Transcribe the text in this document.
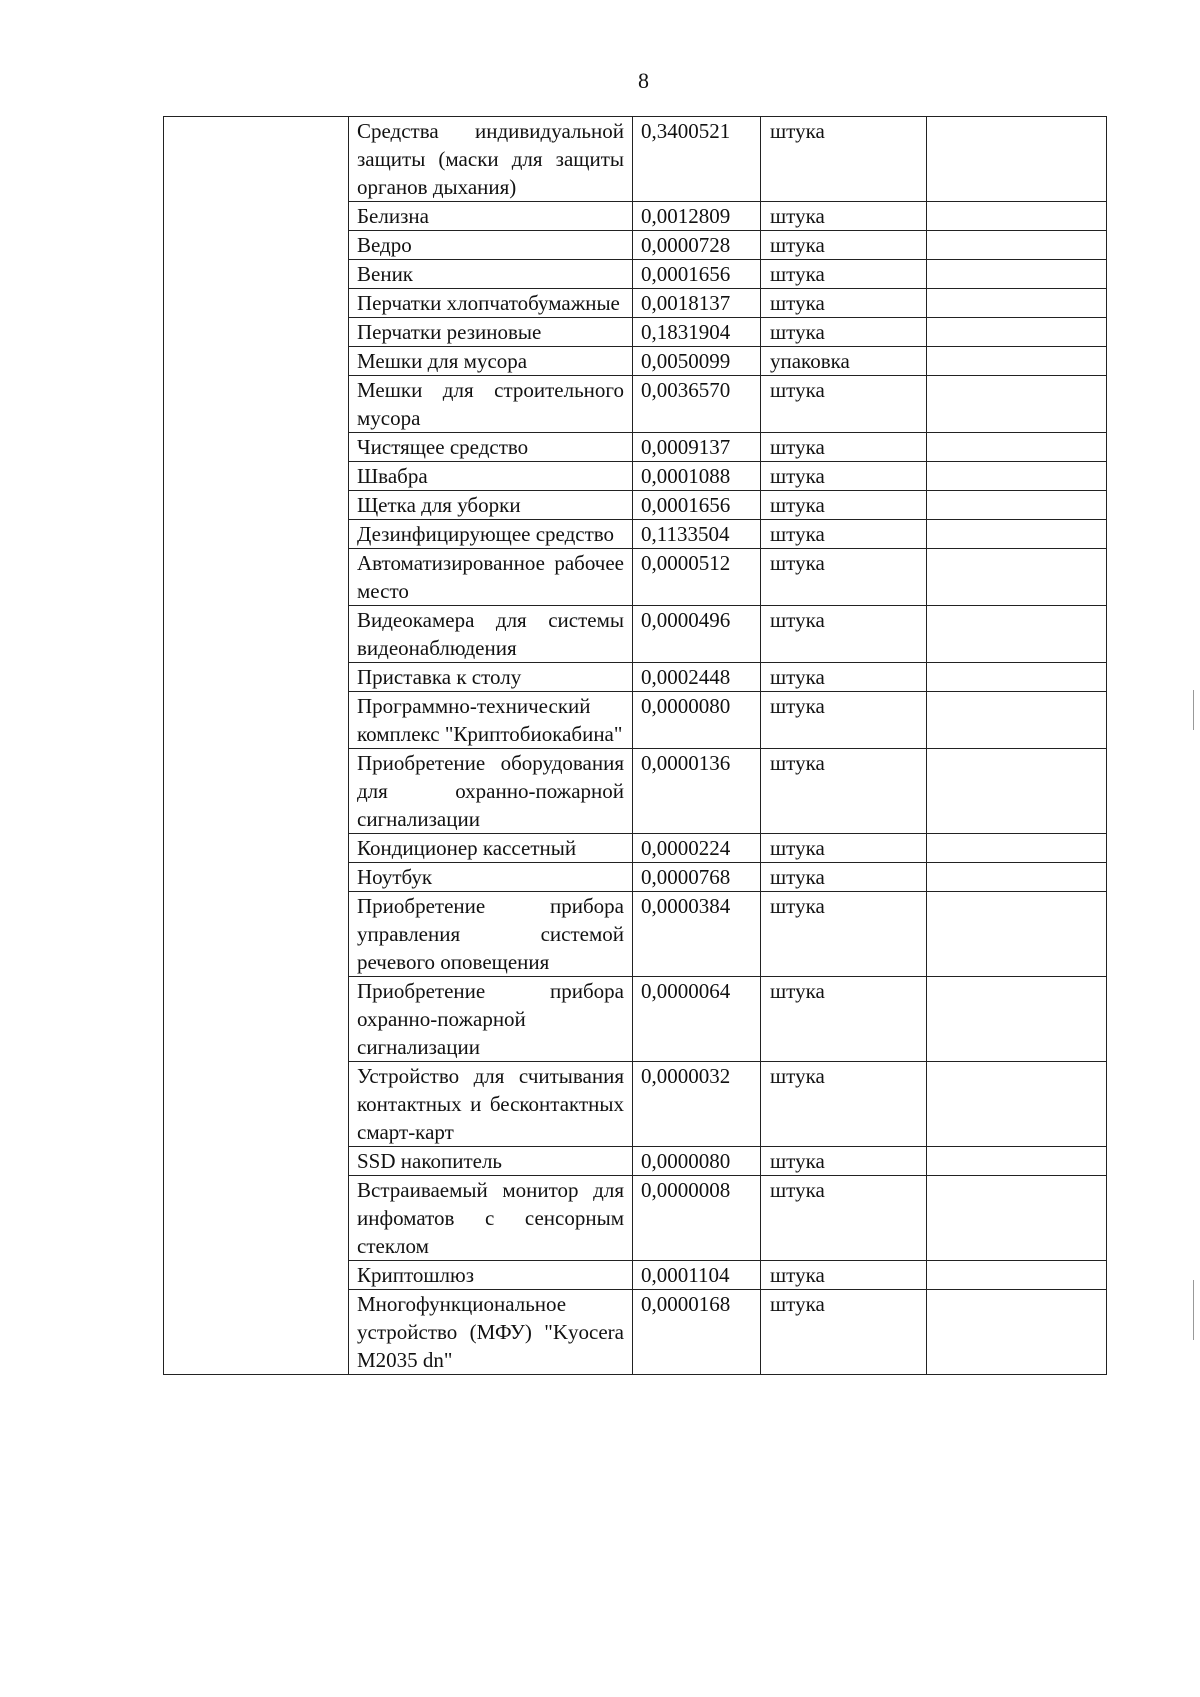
8
	Средства индивидуальной защиты (маски для защиты органов дыхания)	0,3400521	штука	
	Белизна	0,0012809	штука	
	Ведро	0,0000728	штука	
	Веник	0,0001656	штука	
	Перчатки хлопчатобумажные	0,0018137	штука	
	Перчатки резиновые	0,1831904	штука	
	Мешки для мусора	0,0050099	упаковка	
	Мешки для строительного мусора	0,0036570	штука	
	Чистящее средство	0,0009137	штука	
	Швабра	0,0001088	штука	
	Щетка для уборки	0,0001656	штука	
	Дезинфицирующее средство	0,1133504	штука	
	Автоматизированное рабочее место	0,0000512	штука	
	Видеокамера для системы видеонаблюдения	0,0000496	штука	
	Приставка к столу	0,0002448	штука	
	Программно-технический комплекс "Криптобиокабина"	0,0000080	штука	
	Приобретение оборудования для охранно-пожарной сигнализации	0,0000136	штука	
	Кондиционер кассетный	0,0000224	штука	
	Ноутбук	0,0000768	штука	
	Приобретение прибора управления системой речевого оповещения	0,0000384	штука	
	Приобретение прибора охранно-пожарной сигнализации	0,0000064	штука	
	Устройство для считывания контактных и бесконтактных смарт-карт	0,0000032	штука	
	SSD накопитель	0,0000080	штука	
	Встраиваемый монитор для инфоматов с сенсорным стеклом	0,0000008	штука	
	Криптошлюз	0,0001104	штука	
	Многофункциональное устройство (МФУ) "Kyocera M2035 dn"	0,0000168	штука	
